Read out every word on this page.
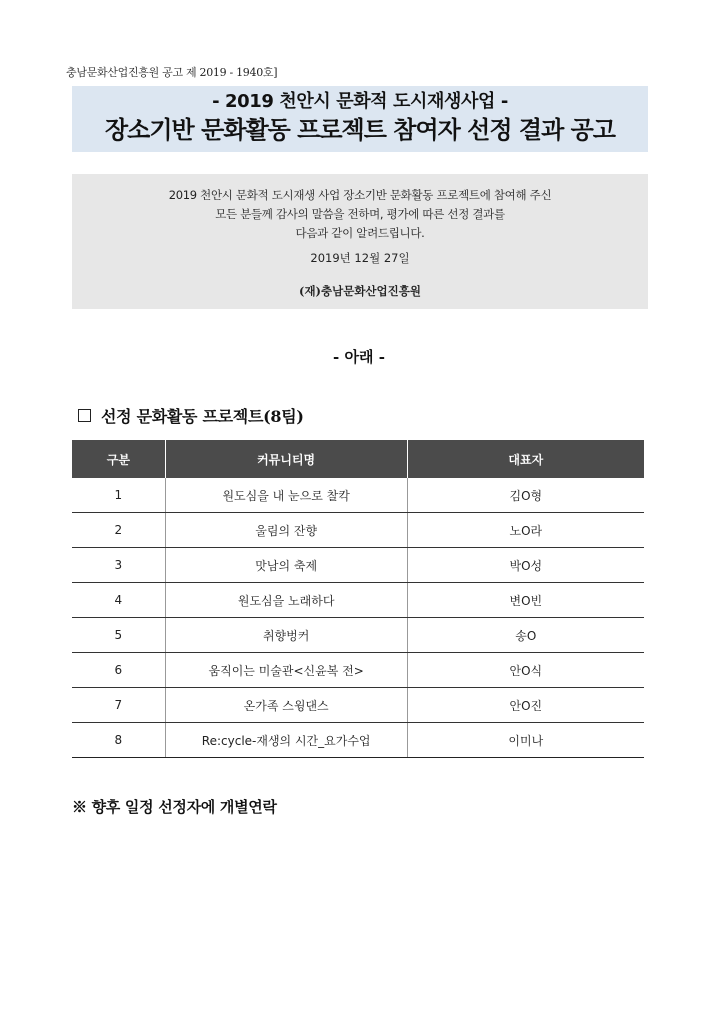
충남문화산업진흥원 공고 제 2019 - 1940호]
- 2019 천안시 문화적 도시재생사업 -
장소기반 문화활동 프로젝트 참여자 선정 결과 공고
2019 천안시 문화적 도시재생 사업 장소기반 문화활동 프로젝트에 참여해 주신
모든 분들께 감사의 말씀을 전하며, 평가에 따른 선정 결과를
다음과 같이 알려드립니다.
2019년 12월 27일
(재)충남문화산업진흥원
- 아래 -
선정 문화활동 프로젝트(8팀)
구분	커뮤니티명	대표자
1	원도심을 내 눈으로 찰칵	김O형
2	울림의 잔향	노O라
3	맛남의 축제	박O성
4	원도심을 노래하다	변O빈
5	취향벙커	송O
6	움직이는 미술관<신윤복 전>	안O식
7	온가족 스윙댄스	안O진
8	Re:cycle-재생의 시간_요가수업	이미나
※ 향후 일정 선정자에 개별연락
